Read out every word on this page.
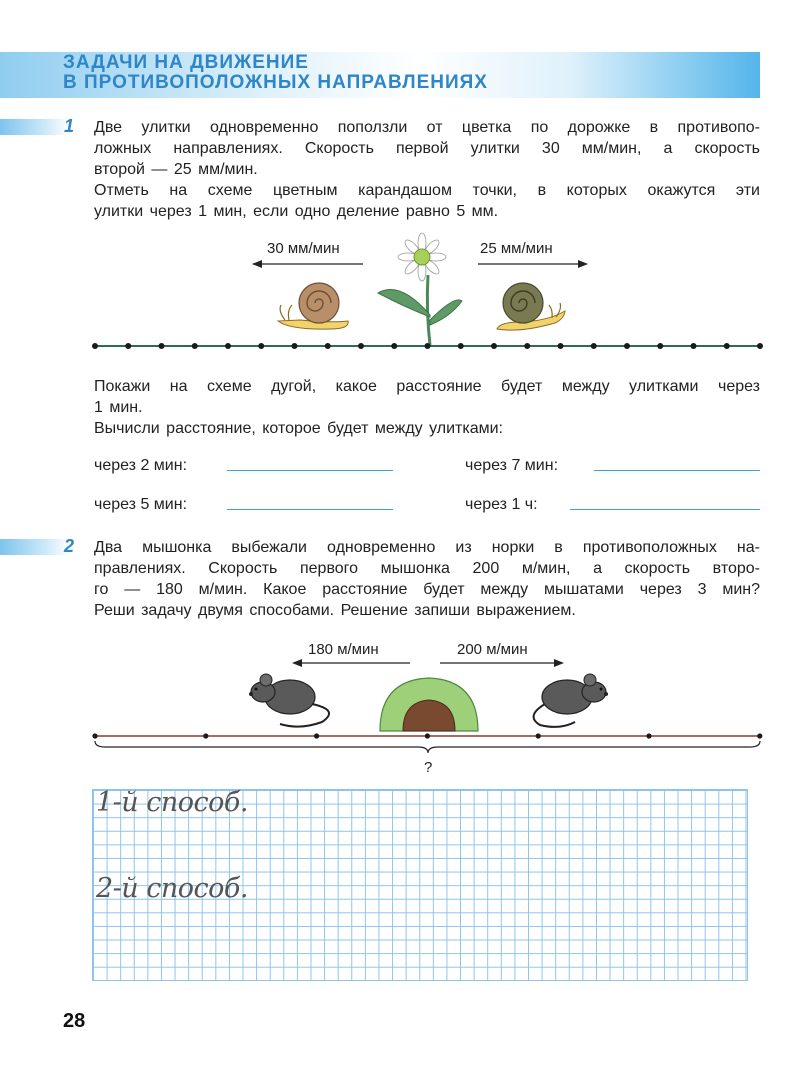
ЗАДАЧИ НА ДВИЖЕНИЕ
В ПРОТИВОПОЛОЖНЫХ НАПРАВЛЕНИЯХ
1 Две улитки одновременно поползли от цветка по дорожке в противопо-
ложных направлениях. Скорость первой улитки 30 мм/мин, а скорость
второй — 25 мм/мин.
Отметь на схеме цветным карандашом точки, в которых окажутся эти
улитки через 1 мин, если одно деление равно 5 мм.
30 мм/мин	25 мм/мин
Покажи на схеме дугой, какое расстояние будет между улитками через
1 мин.
Вычисли расстояние, которое будет между улитками:
через 2 мин:	через 7 мин:
через 5 мин:	через 1 ч:
2 Два мышонка выбежали одновременно из норки в противоположных на-
правлениях. Скорость первого мышонка 200 м/мин, а скорость второ-
го — 180 м/мин. Какое расстояние будет между мышатами через 3 мин?
Реши задачу двумя способами. Решение запиши выражением.
180 м/мин	200 м/мин
?
1-й способ.
2-й способ.
28
